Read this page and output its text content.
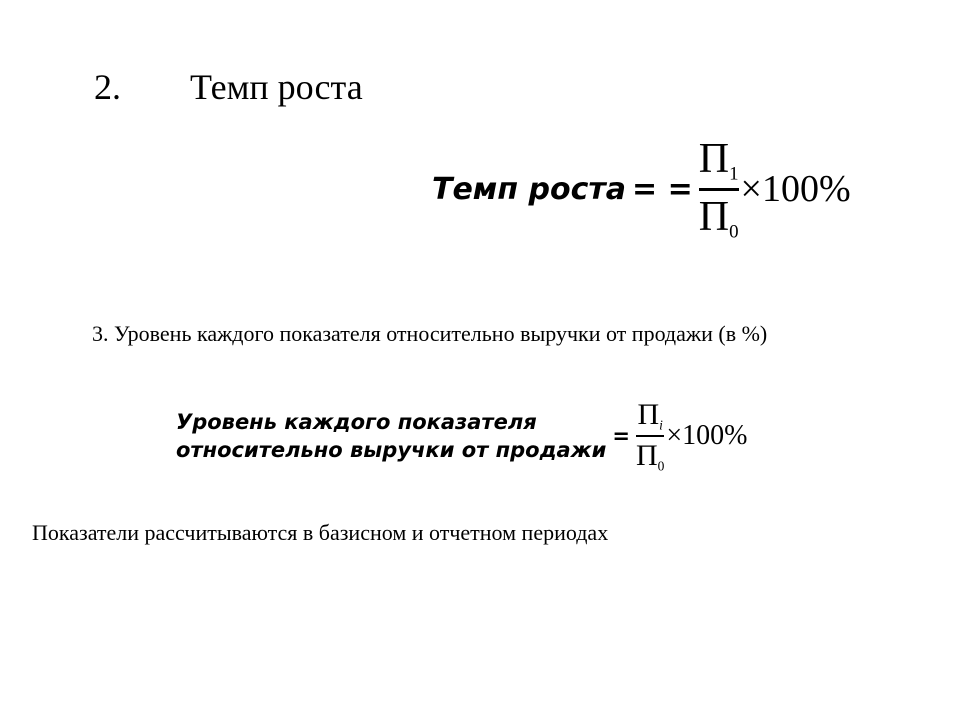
2.	Темп роста
Темп роста = = $\frac{П_1}{П_0} \times 100\%$

3. Уровень каждого показателя относительно выручки от продажи (в %)

Уровень каждого показателя
относительно выручки от продажи
= $\frac{П_i}{П_0} \times 100\%$

Показатели рассчитываются в базисном и отчетном периодах
